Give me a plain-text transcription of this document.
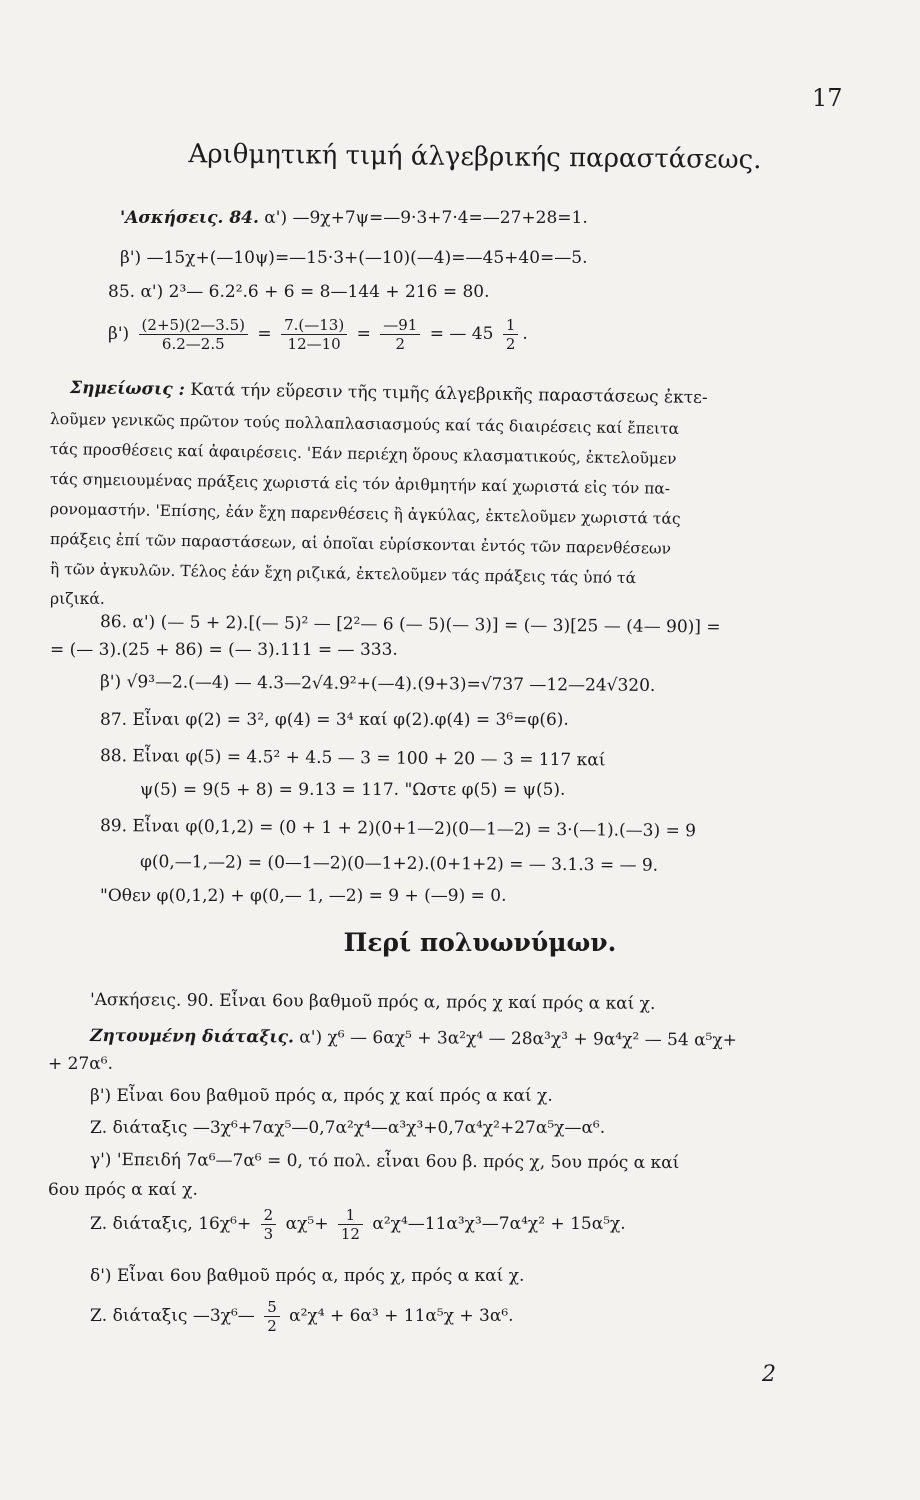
17
Αριθμητική τιμή άλγεβρικής παραστάσεως.
'Ασκήσεις. 84. α') —9χ+7ψ=—9·3+7·4=—27+28=1.
β') —15χ+(—10ψ)=—15·3+(—10)(—4)=—45+40=—5.
85. α') 2³— 6.2².6 + 6 = 8—144 + 216 = 80.
$\beta') \frac{(2+5)(2—3.5)}{6.2—2.5} = \frac{7.(—13)}{12—10} = \frac{—91}{2}$ = — $45 \frac{1}{2}$ .
Σημείωσις : Κατά τήν εὕρεσιν τῆς τιμῆς άλγεβρικῆς παραστάσεως ἐκτε-
λοῦμεν γενικῶς πρῶτον τούς πολλαπλασιασμούς καί τάς διαιρέσεις καί ἔπειτα
τάς προσθέσεις καί ἀφαιρέσεις. 'Εάν περιέχη ὅρους κλασματικούς, ἐκτελοῦμεν
τάς σημειουμένας πράξεις χωριστά εἰς τόν ἀριθμητήν καί χωριστά εἰς τόν πα-
ρονομαστήν. 'Επίσης, ἐάν ἔχη παρενθέσεις ἢ ἀγκύλας, ἐκτελοῦμεν χωριστά τάς
πράξεις ἐπί τῶν παραστάσεων, αἱ ὁποῖαι εὑρίσκονται ἐντός τῶν παρενθέσεων
ἢ τῶν ἀγκυλῶν. Τέλος ἐάν ἔχη ριζικά, ἐκτελοῦμεν τάς πράξεις τάς ὑπό τά
ριζικά.
86. α') (— 5 + 2).[(— 5)² — [2²— 6 (— 5)(— 3)] = (— 3)[25 — (4— 90)] =
= (— 3).(25 + 86) = (— 3).111 = — 333.
β') √9³—2.(—4) — 4.3—2√4.9²+(—4).(9+3)=√737 —12—24√320.
87. Εἶναι φ(2) = 3², φ(4) = 3⁴ καί φ(2).φ(4) = 3⁶=φ(6).
88. Εἶναι φ(5) = 4.5² + 4.5 — 3 = 100 + 20 — 3 = 117 καί
ψ(5) = 9(5 + 8) = 9.13 = 117. "Ωστε φ(5) = ψ(5).
89. Εἶναι φ(0,1,2) = (0 + 1 + 2)(0+1—2)(0—1—2) = 3·(—1).(—3) = 9
φ(0,—1,—2) = (0—1—2)(0—1+2).(0+1+2) = — 3.1.3 = — 9.
"Οθεν φ(0,1,2) + φ(0,— 1, —2) = 9 + (—9) = 0.
Περί πολυωνύμων.
'Ασκήσεις. 90. Εἶναι 6ου βαθμοῦ πρός α, πρός χ καί πρός α καί χ.
Ζητουμένη διάταξις. α') χ⁶ — 6αχ⁵ + 3α²χ⁴ — 28α³χ³ + 9α⁴χ² — 54 α⁵χ+
+ 27α⁶.
β') Εἶναι 6ου βαθμοῦ πρός α, πρός χ καί πρός α καί χ.
Ζ. διάταξις —3χ⁶+7αχ⁵—0,7α²χ⁴—α³χ³+0,7α⁴χ²+27α⁵χ—α⁶.
γ') 'Επειδή 7α⁶—7α⁶ = 0, τό πολ. εἶναι 6ου β. πρός χ, 5ου πρός α καί
6ου πρός α καί χ.
Ζ. διάταξις, $16\chi^6+ \frac{2}{3} \alpha\chi^5+ \frac{1}{12}$ α²χ⁴—11α³χ³—7α⁴χ² + 15α⁵χ.
δ') Εἶναι 6ου βαθμοῦ πρός α, πρός χ, πρός α καί χ.
Ζ. διάταξις —3χ⁶— $\frac{5}{2} \alpha^2\chi^4 + 6\alpha^3 + 11\alpha^5\chi + 3\alpha^6$.
2
